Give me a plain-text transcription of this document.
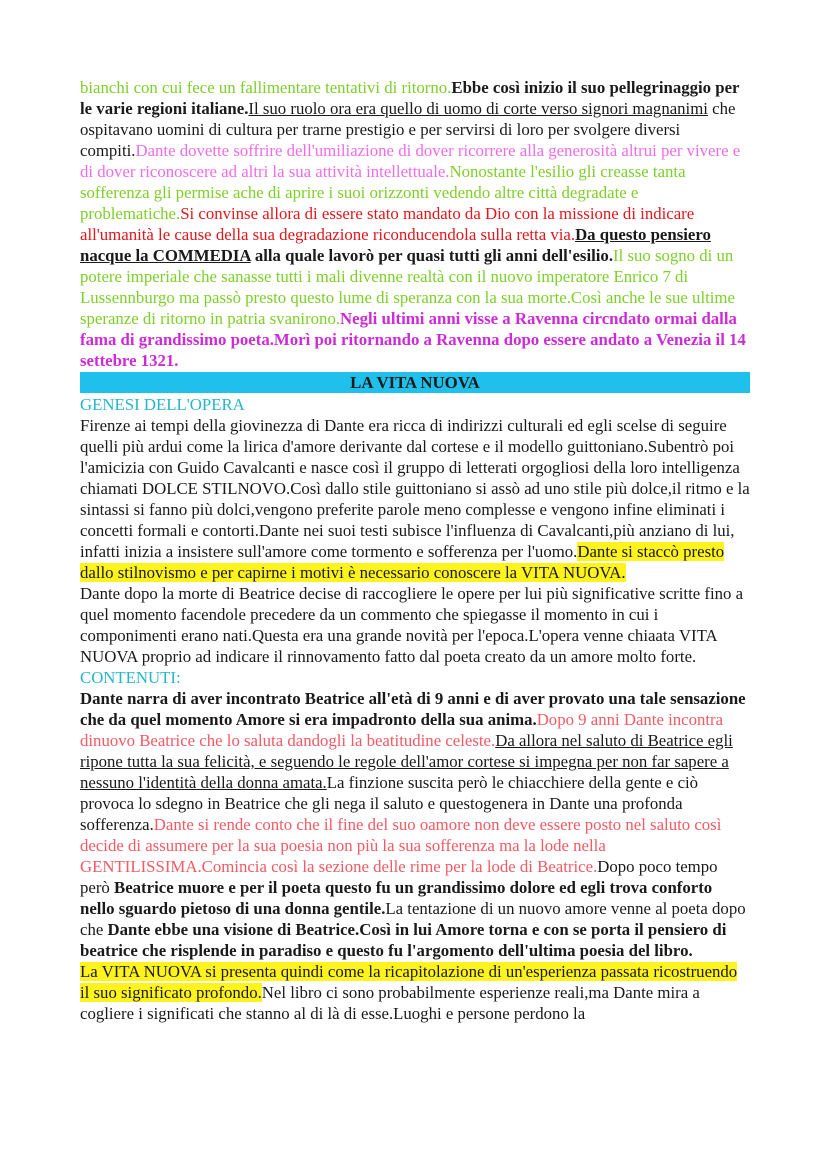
bianchi con cui fece un fallimentare tentativi di ritorno.Ebbe così inizio il suo pellegrinaggio per le varie regioni italiane.Il suo ruolo ora era quello di uomo di corte verso signori magnanimi che ospitavano uomini di cultura per trarne prestigio e per servirsi di loro per svolgere diversi compiti.Dante dovette soffrire dell'umiliazione di dover ricorrere alla generosità altrui per vivere e di dover riconoscere ad altri la sua attività intellettuale.Nonostante l'esilio gli creasse tanta sofferenza gli permise ache di aprire i suoi orizzonti vedendo altre città degradate e problematiche.Si convinse allora di essere stato mandato da Dio con la missione di indicare all'umanità le cause della sua degradazione riconducendola sulla retta via.Da questo pensiero nacque la COMMEDIA alla quale lavorò per quasi tutti gli anni dell'esilio.Il suo sogno di un potere imperiale che sanasse tutti i mali divenne realtà con il nuovo imperatore Enrico 7 di Lussennburgo ma passò presto questo lume di speranza con la sua morte.Così anche le sue ultime speranze di ritorno in patria svanirono.Negli ultimi anni visse a Ravenna circndato ormai dalla fama di grandissimo poeta.Morì poi ritornando a Ravenna dopo essere andato a Venezia il 14 settebre 1321.

LA VITA NUOVA
GENESI DELL'OPERA

Firenze ai tempi della giovinezza di Dante era ricca di indirizzi culturali ed egli scelse di seguire quelli più ardui come la lirica d'amore derivante dal cortese e il modello guittoniano.Subentrò poi l'amicizia con Guido Cavalcanti e nasce così il gruppo di letterati orgogliosi della loro intelligenza chiamati DOLCE STILNOVO.Così dallo stile guittoniano si assò ad uno stile più dolce,il ritmo e la sintassi si fanno più dolci,vengono preferite parole meno complesse e vengono infine eliminati i concetti formali e contorti.Dante nei suoi testi subisce l'influenza di Cavalcanti,più anziano di lui, infatti inizia a insistere sull'amore come tormento e sofferenza per l'uomo.Dante si staccò presto dallo stilnovismo e per capirne i motivi è necessario conoscere la VITA NUOVA.

Dante dopo la morte di Beatrice decise di raccogliere le opere per lui più significative scritte fino a quel momento facendole precedere da un commento che spiegasse il momento in cui i componimenti erano nati.Questa era una grande novità per l'epoca.L'opera venne chiaata VITA NUOVA proprio ad indicare il rinnovamento fatto dal poeta creato da un amore molto forte.

CONTENUTI:

Dante narra di aver incontrato Beatrice all'età di 9 anni e di aver provato una tale sensazione che da quel momento Amore si era impadronto della sua anima.Dopo 9 anni Dante incontra dinuovo Beatrice che lo saluta dandogli la beatitudine celeste.Da allora nel saluto di Beatrice egli ripone tutta la sua felicità, e seguendo le regole dell'amor cortese si impegna per non far sapere a nessuno l'identità della donna amata.La finzione suscita però le chiacchiere della gente e ciò provoca lo sdegno in Beatrice che gli nega il saluto e questogenera in Dante una profonda sofferenza.Dante si rende conto che il fine del suo oamore non deve essere posto nel saluto così decide di assumere per la sua poesia non più la sua sofferenza ma la lode nella GENTILISSIMA.Comincia così la sezione delle rime per la lode di Beatrice.Dopo poco tempo però Beatrice muore e per il poeta questo fu un grandissimo dolore ed egli trova conforto nello sguardo pietoso di una donna gentile.La tentazione di un nuovo amore venne al poeta dopo che Dante ebbe una visione di Beatrice.Così in lui Amore torna e con se porta il pensiero di beatrice che risplende in paradiso e questo fu l'argomento dell'ultima poesia del libro.

La VITA NUOVA si presenta quindi come la ricapitolazione di un'esperienza passata ricostruendo il suo significato profondo.Nel libro ci sono probabilmente esperienze reali,ma Dante mira a cogliere i significati che stanno al di là di esse.Luoghi e persone perdono la
